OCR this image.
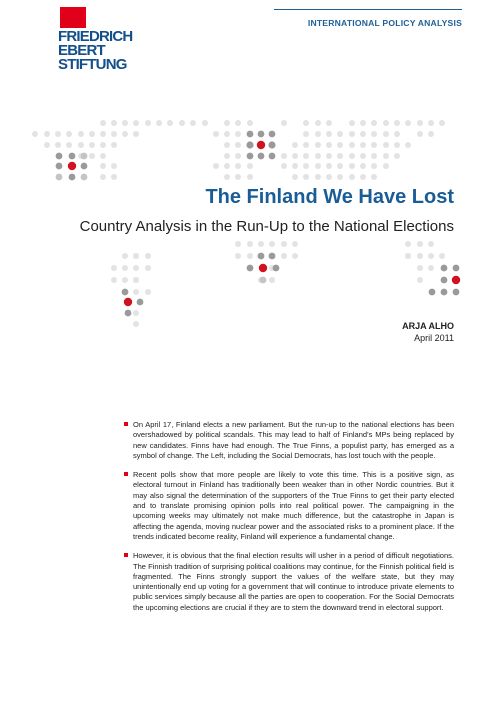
INTERNATIONAL POLICY ANALYSIS
FRIEDRICH
EBERT
STIFTUNG
The Finland We Have Lost
Country Analysis in the Run-Up to the National Elections
ARJA ALHO
April 2011
On April 17, Finland elects a new parliament. But the run-up to the national elections has been overshadowed by political scandals. This may lead to half of Finland’s MPs being replaced by new candidates. Finns have had enough. The True Finns, a populist party, has emerged as a symbol of change. The Left, including the Social Democrats, has lost touch with the people.
Recent polls show that more people are likely to vote this time. This is a positive sign, as electoral turnout in Finland has traditionally been weaker than in other Nordic countries. But it may also signal the determination of the supporters of the True Finns to get their party elected and to translate promising opinion polls into real political power. The campaigning in the upcoming weeks may ultimately not make much difference, but the catastrophe in Japan is affecting the agenda, moving nuclear power and the associated risks to a prominent place. If the trends indicated become reality, Finland will experience a fundamental change.
However, it is obvious that the final election results will usher in a period of difficult negotiations. The Finnish tradition of surprising political coalitions may continue, for the Finnish political field is fragmented. The Finns strongly support the values of the welfare state, but they may unintentionally end up voting for a government that will continue to introduce private elements to public services simply because all the parties are open to cooperation. For the Social Democrats the upcoming elections are crucial if they are to stem the downward trend in electoral support.
